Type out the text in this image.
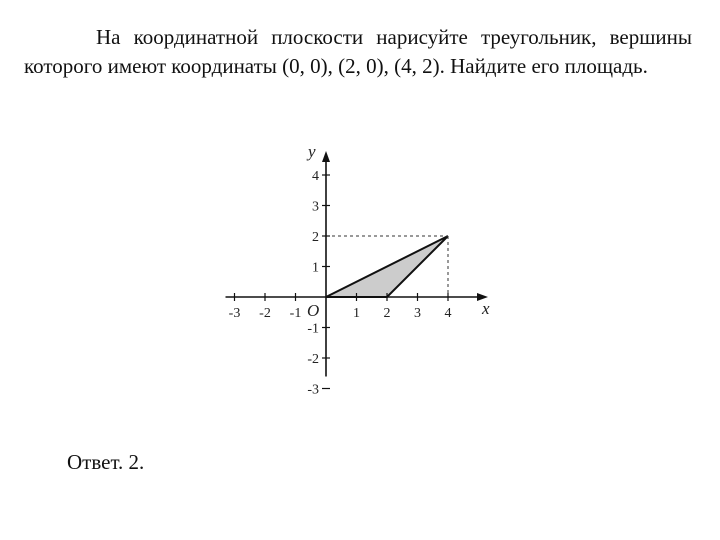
На координатной плоскости нарисуйте треугольник, вершины которого имеют координаты (0, 0), (2, 0), (4, 2). Найдите его площадь.

-3 -2 -1	1 2 3 4
4
3
2
1
-1
-2
-3
x
y
O
Ответ. 2.
